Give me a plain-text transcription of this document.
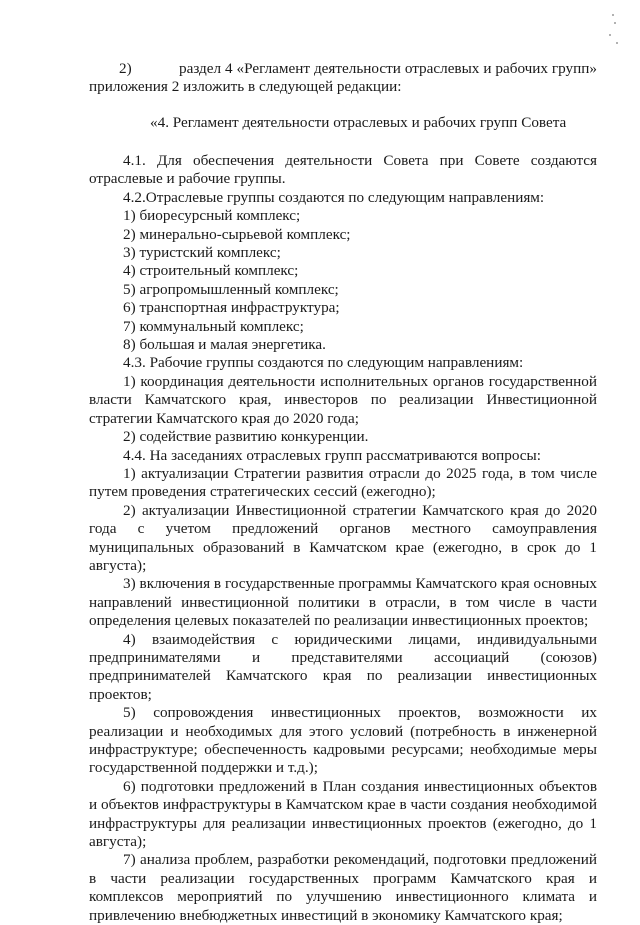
2)	раздел 4 «Регламент деятельности отраслевых и рабочих групп» приложения 2 изложить в следующей редакции:

«4. Регламент деятельности отраслевых и рабочих групп Совета

4.1. Для обеспечения деятельности Совета при Совете создаются отраслевые и рабочие группы.

4.2.Отраслевые группы создаются по следующим направлениям:

1) биоресурсный комплекс;

2) минерально-сырьевой комплекс;

3) туристский комплекс;

4) строительный комплекс;

5) агропромышленный комплекс;

6) транспортная инфраструктура;

7) коммунальный комплекс;

8) большая и малая энергетика.

4.3. Рабочие группы создаются по следующим направлениям:

1) координация деятельности исполнительных органов государственной власти Камчатского края, инвесторов по реализации Инвестиционной стратегии Камчатского края до 2020 года;

2) содействие развитию конкуренции.

4.4. На заседаниях отраслевых групп рассматриваются вопросы:

1) актуализации Стратегии развития отрасли до 2025 года, в том числе путем проведения стратегических сессий (ежегодно);

2) актуализации Инвестиционной стратегии Камчатского края до 2020 года с учетом предложений органов местного самоуправления муниципальных образований в Камчатском крае (ежегодно, в срок до 1 августа);

3) включения в государственные программы Камчатского края основных направлений инвестиционной политики в отрасли, в том числе в части определения целевых показателей по реализации инвестиционных проектов;

4) взаимодействия с юридическими лицами, индивидуальными предпринимателями и представителями ассоциаций (союзов) предпринимателей Камчатского края по реализации инвестиционных проектов;

5) сопровождения инвестиционных проектов, возможности их реализации и необходимых для этого условий (потребность в инженерной инфраструктуре; обеспеченность кадровыми ресурсами; необходимые меры государственной поддержки и т.д.);

6) подготовки предложений в План создания инвестиционных объектов и объектов инфраструктуры в Камчатском крае в части создания необходимой инфраструктуры для реализации инвестиционных проектов (ежегодно, до 1 августа);

7) анализа проблем, разработки рекомендаций, подготовки предложений в части реализации государственных программ Камчатского края и комплексов мероприятий по улучшению инвестиционного климата и привлечению внебюджетных инвестиций в экономику Камчатского края;
